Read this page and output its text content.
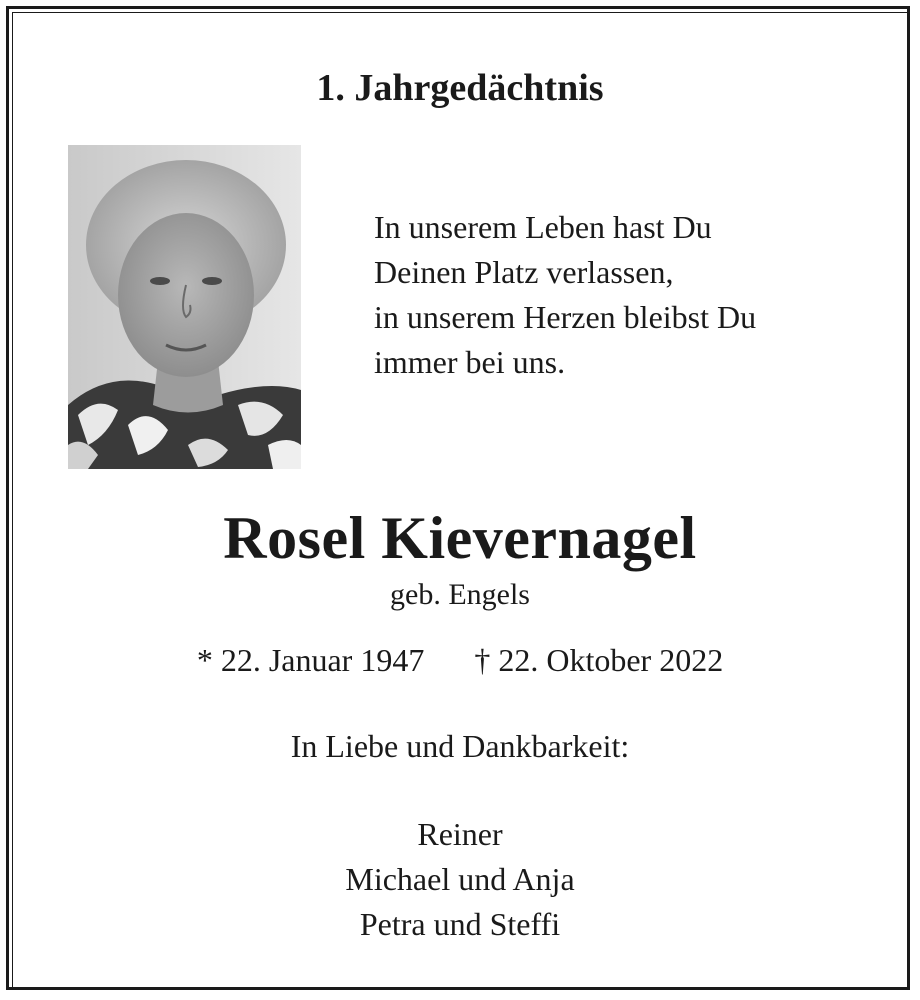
1. Jahrgedächtnis
In unserem Leben hast Du
Deinen Platz verlassen,
in unserem Herzen bleibst Du
immer bei uns.
Rosel Kievernagel
geb. Engels
* 22. Januar 1947 † 22. Oktober 2022
In Liebe und Dankbarkeit:
Reiner
Michael und Anja
Petra und Steffi
